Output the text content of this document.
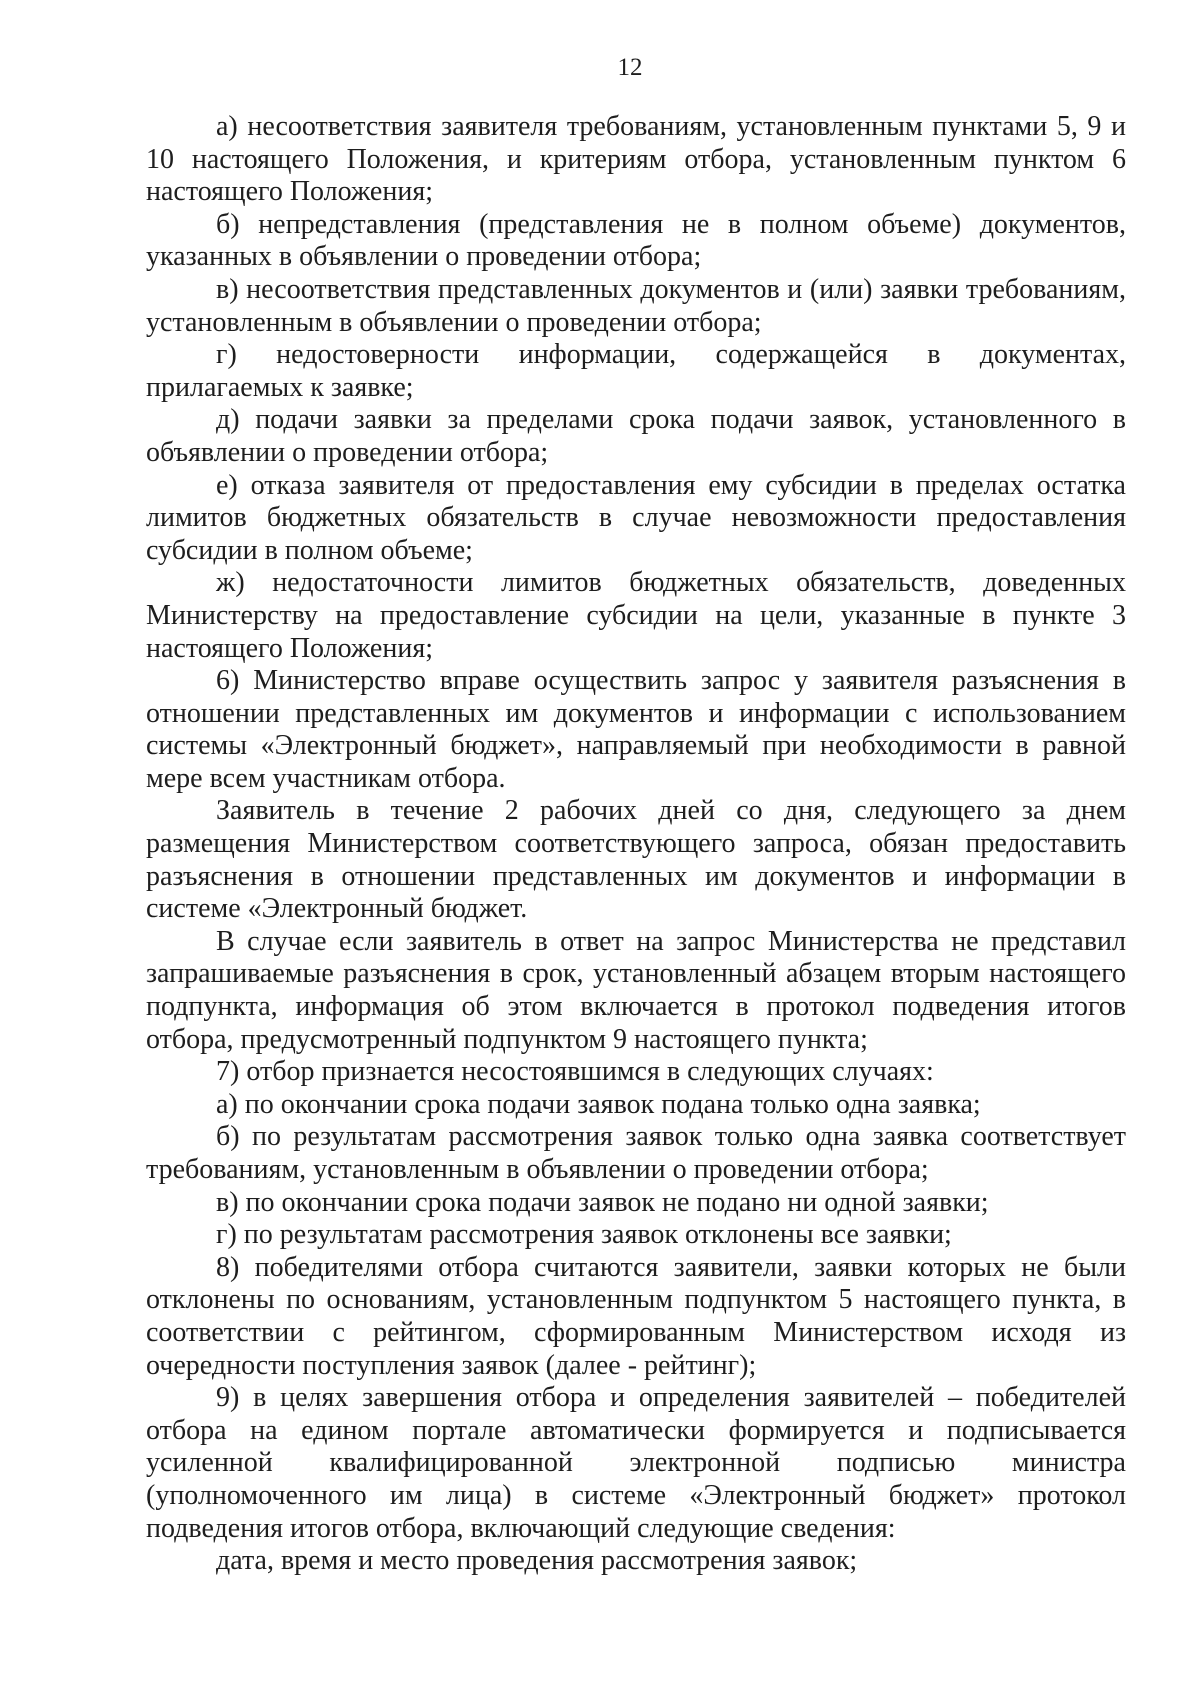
12

а) несоответствия заявителя требованиям, установленным пунктами 5, 9 и 10 настоящего Положения, и критериям отбора, установленным пунктом 6 настоящего Положения;

б) непредставления (представления не в полном объеме) документов, указанных в объявлении о проведении отбора;

в) несоответствия представленных документов и (или) заявки требованиям, установленным в объявлении о проведении отбора;

г) недостоверности информации, содержащейся в документах, прилагаемых к заявке;

д) подачи заявки за пределами срока подачи заявок, установленного в объявлении о проведении отбора;

е) отказа заявителя от предоставления ему субсидии в пределах остатка лимитов бюджетных обязательств в случае невозможности предоставления субсидии в полном объеме;

ж) недостаточности лимитов бюджетных обязательств, доведенных Министерству на предоставление субсидии на цели, указанные в пункте 3 настоящего Положения;

6) Министерство вправе осуществить запрос у заявителя разъяснения в отношении представленных им документов и информации с использованием системы «Электронный бюджет», направляемый при необходимости в равной мере всем участникам отбора.

Заявитель в течение 2 рабочих дней со дня, следующего за днем размещения Министерством соответствующего запроса, обязан предоставить разъяснения в отношении представленных им документов и информации в системе «Электронный бюджет.

В случае если заявитель в ответ на запрос Министерства не представил запрашиваемые разъяснения в срок, установленный абзацем вторым настоящего подпункта, информация об этом включается в протокол подведения итогов отбора, предусмотренный подпунктом 9 настоящего пункта;

7) отбор признается несостоявшимся в следующих случаях:

а) по окончании срока подачи заявок подана только одна заявка;

б) по результатам рассмотрения заявок только одна заявка соответствует требованиям, установленным в объявлении о проведении отбора;

в) по окончании срока подачи заявок не подано ни одной заявки;

г) по результатам рассмотрения заявок отклонены все заявки;

8) победителями отбора считаются заявители, заявки которых не были отклонены по основаниям, установленным подпунктом 5 настоящего пункта, в соответствии с рейтингом, сформированным Министерством исходя из очередности поступления заявок (далее - рейтинг);

9) в целях завершения отбора и определения заявителей – победителей отбора на едином портале автоматически формируется и подписывается усиленной квалифицированной электронной подписью министра (уполномоченного им лица) в системе «Электронный бюджет» протокол подведения итогов отбора, включающий следующие сведения:

дата, время и место проведения рассмотрения заявок;
